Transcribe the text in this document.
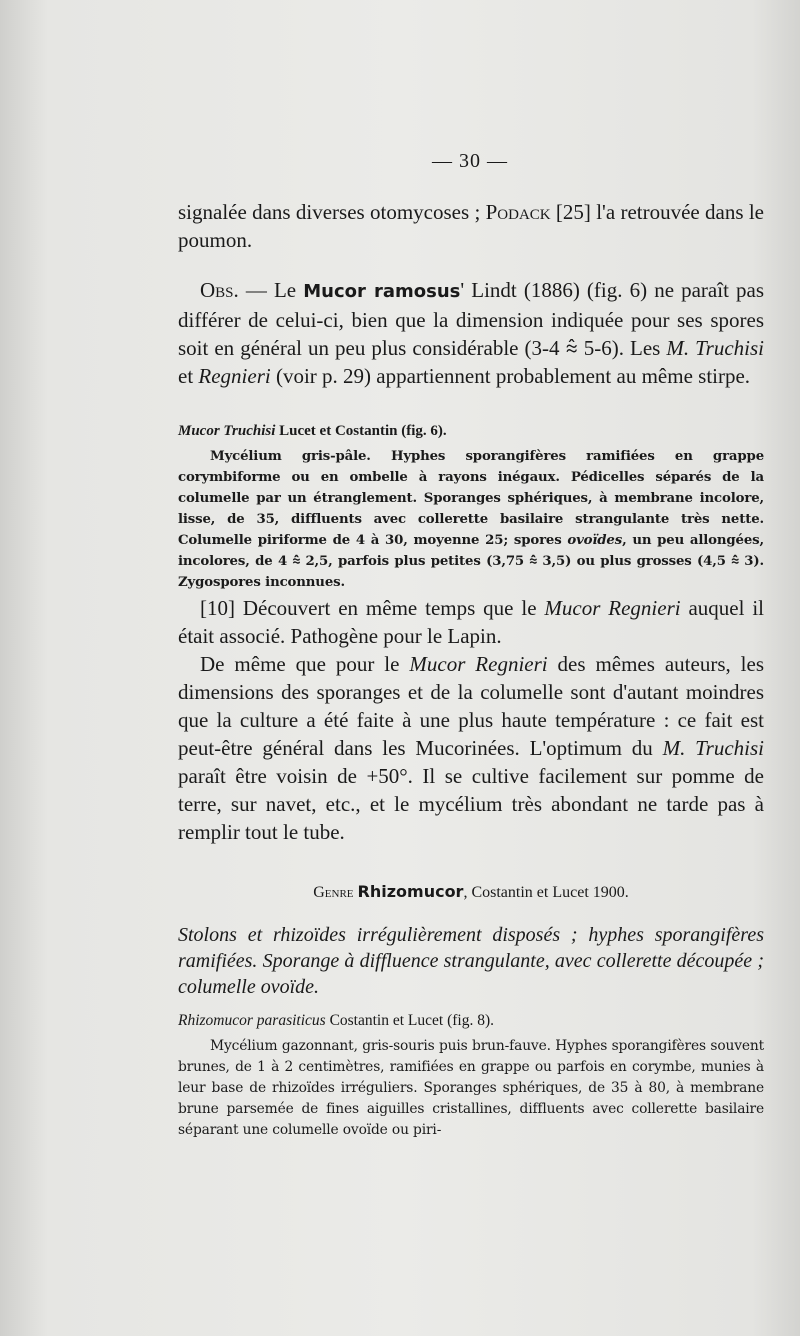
— 30 —

signalée dans diverses otomycoses ; Podack [25] l'a retrouvée dans le poumon.

Obs. — Le Mucor ramosus' Lindt (1886) (fig. 6) ne paraît pas différer de celui-ci, bien que la dimension indiquée pour ses spores soit en général un peu plus considérable (3-4 ⩯ 5-6). Les M. Truchisi et Regnieri (voir p. 29) appartiennent probablement au même stirpe.

Mucor Truchisi Lucet et Costantin (fig. 6).

Mycélium gris-pâle. Hyphes sporangifères ramifiées en grappe corymbiforme ou en ombelle à rayons inégaux. Pédicelles séparés de la columelle par un étranglement. Sporanges sphériques, à membrane incolore, lisse, de 35, diffluents avec collerette basilaire strangulante très nette. Columelle piriforme de 4 à 30, moyenne 25; spores ovoïdes, un peu allongées, incolores, de 4 ⩯ 2,5, parfois plus petites (3,75 ⩯ 3,5) ou plus grosses (4,5 ⩯ 3). Zygospores inconnues.

[10] Découvert en même temps que le Mucor Regnieri auquel il était associé. Pathogène pour le Lapin.

De même que pour le Mucor Regnieri des mêmes auteurs, les dimensions des sporanges et de la columelle sont d'autant moindres que la culture a été faite à une plus haute température : ce fait est peut-être général dans les Mucorinées. L'optimum du M. Truchisi paraît être voisin de +50°. Il se cultive facilement sur pomme de terre, sur navet, etc., et le mycélium très abondant ne tarde pas à remplir tout le tube.

Genre Rhizomucor, Costantin et Lucet 1900.

Stolons et rhizoïdes irrégulièrement disposés ; hyphes sporangifères ramifiées. Sporange à diffluence strangulante, avec collerette découpée ; columelle ovoïde.

Rhizomucor parasiticus Costantin et Lucet (fig. 8).

Mycélium gazonnant, gris-souris puis brun-fauve. Hyphes sporangifères souvent brunes, de 1 à 2 centimètres, ramifiées en grappe ou parfois en corymbe, munies à leur base de rhizoïdes irréguliers. Sporanges sphériques, de 35 à 80, à membrane brune parsemée de fines aiguilles cristallines, diffluents avec collerette basilaire séparant une columelle ovoïde ou piri-
